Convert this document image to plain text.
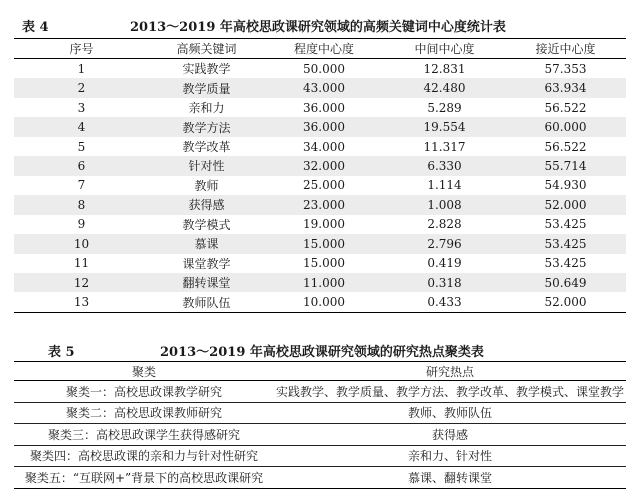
表 4	2013～2019 年高校思政课研究领域的高频关键词中心度统计表
序号	高频关键词	程度中心度	中间中心度	接近中心度
1	实践教学	50.000	12.831	57.353
2	教学质量	43.000	42.480	63.934
3	亲和力	36.000	5.289	56.522
4	教学方法	36.000	19.554	60.000
5	教学改革	34.000	11.317	56.522
6	针对性	32.000	6.330	55.714
7	教师	25.000	1.114	54.930
8	获得感	23.000	1.008	52.000
9	教学模式	19.000	2.828	53.425
10	慕课	15.000	2.796	53.425
11	课堂教学	15.000	0.419	53.425
12	翻转课堂	11.000	0.318	50.649
13	教师队伍	10.000	0.433	52.000
表 5	2013～2019 年高校思政课研究领域的研究热点聚类表
聚类	研究热点
聚类一：高校思政课教学研究	实践教学、教学质量、教学方法、教学改革、教学模式、课堂教学
聚类二：高校思政课教师研究	教师、教师队伍
聚类三：高校思政课学生获得感研究	获得感
聚类四：高校思政课的亲和力与针对性研究	亲和力、针对性
聚类五：“互联网+”背景下的高校思政课研究	慕课、翻转课堂
